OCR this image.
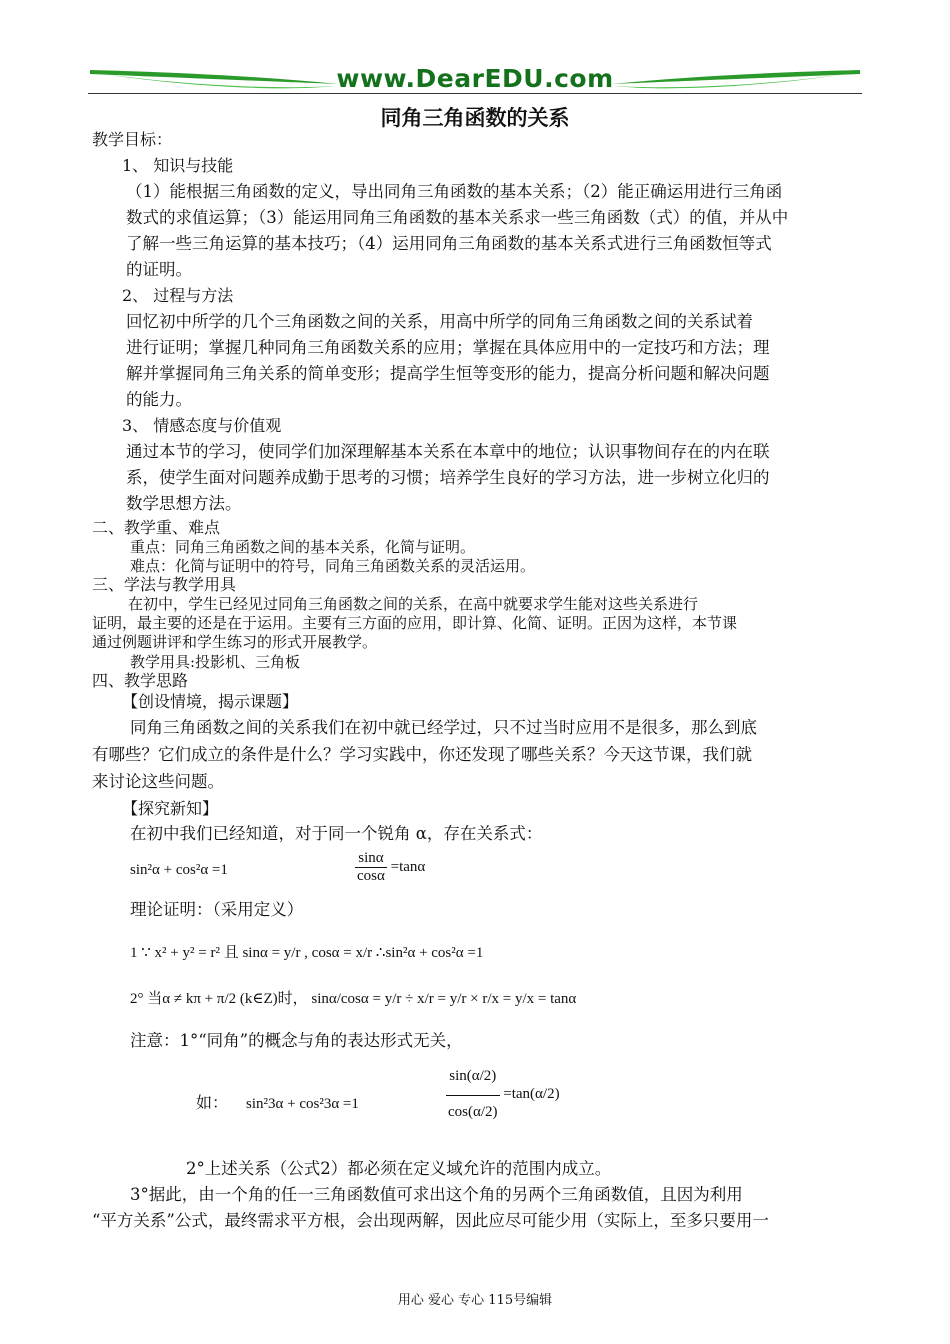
www.DearEDU.com
同角三角函数的关系
教学目标：
1、 知识与技能
（1）能根据三角函数的定义，导出同角三角函数的基本关系；（2）能正确运用进行三角函
数式的求值运算；（3）能运用同角三角函数的基本关系求一些三角函数（式）的值，并从中
了解一些三角运算的基本技巧；（4）运用同角三角函数的基本关系式进行三角函数恒等式
的证明。
2、 过程与方法
回忆初中所学的几个三角函数之间的关系，用高中所学的同角三角函数之间的关系试着
进行证明；掌握几种同角三角函数关系的应用；掌握在具体应用中的一定技巧和方法；理
解并掌握同角三角关系的简单变形；提高学生恒等变形的能力，提高分析问题和解决问题
的能力。
3、 情感态度与价值观
通过本节的学习，使同学们加深理解基本关系在本章中的地位；认识事物间存在的内在联
系，使学生面对问题养成勤于思考的习惯；培养学生良好的学习方法，进一步树立化归的
数学思想方法。
二、教学重、难点
重点：同角三角函数之间的基本关系，化简与证明。
难点：化简与证明中的符号，同角三角函数关系的灵活运用。
三、学法与教学用具
在初中，学生已经见过同角三角函数之间的关系，在高中就要求学生能对这些关系进行
证明，最主要的还是在于运用。主要有三方面的应用，即计算、化简、证明。正因为这样，本节课
通过例题讲评和学生练习的形式开展教学。
教学用具:投影机、三角板
四、教学思路
【创设情境，揭示课题】
同角三角函数之间的关系我们在初中就已经学过，只不过当时应用不是很多，那么到底
有哪些？它们成立的条件是什么？学习实践中，你还发现了哪些关系？今天这节课，我们就
来讨论这些问题。
【探究新知】
在初中我们已经知道，对于同一个锐角 α，存在关系式：
sin²α + cos²α =1	$\frac{\sin\alpha}{\cos\alpha} =\tan\alpha$
理论证明：（采用定义）
1 ∵ x² + y² = r² 且 sinα = y/r , cosα = x/r ∴sin²α + cos²α =1
2° 当α ≠ kπ + π/2 (k∈Z)时， sinα/cosα = y/r ÷ x/r = y/r × r/x = y/x = tanα
注意：1°“同角”的概念与角的表达形式无关，
如： sin²3α + cos²3α =1	$\frac{\sin(\alpha/2)}{\cos(\alpha/2)} =\tan(\alpha/2)$
2°上述关系（公式2）都必须在定义域允许的范围内成立。
3°据此，由一个角的任一三角函数值可求出这个角的另两个三角函数值，且因为利用
“平方关系”公式，最终需求平方根，会出现两解，因此应尽可能少用（实际上，至多只要用一
用心 爱心 专心 115号编辑
